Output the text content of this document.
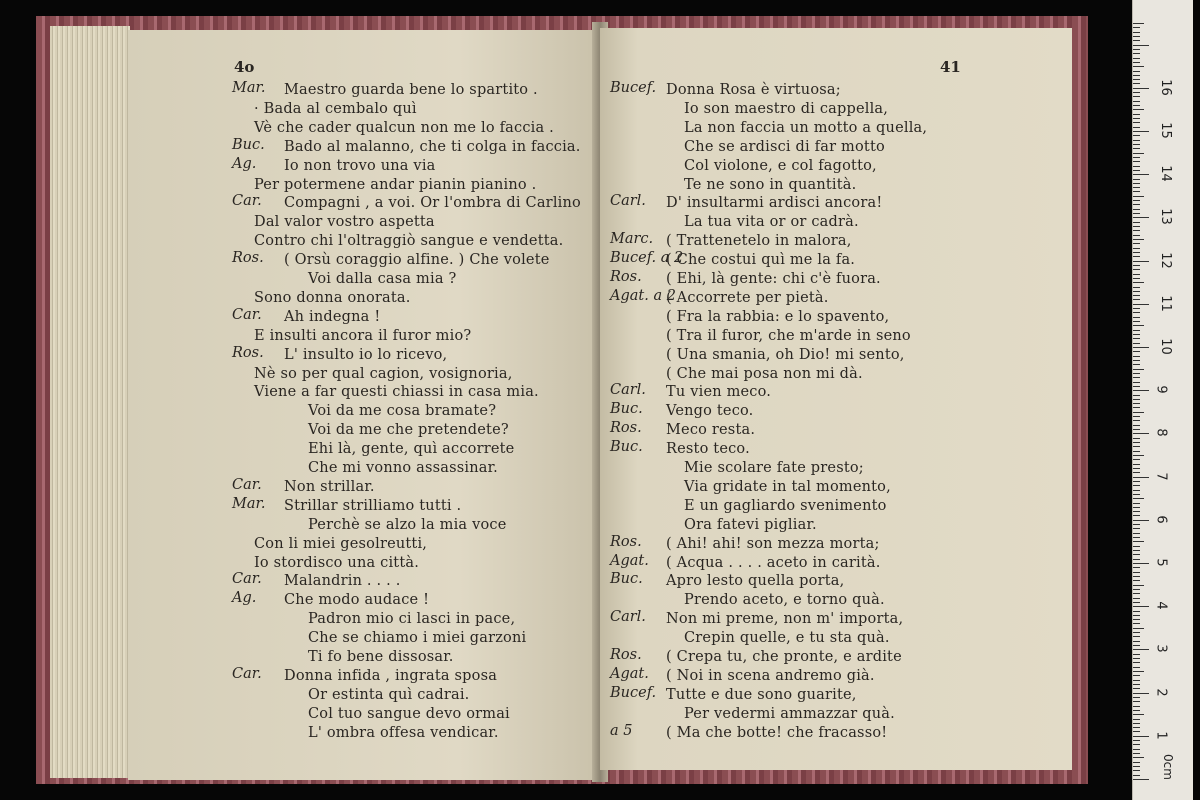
4o
Mar. Maestro guarda bene lo spartito .
· Bada al cembalo quì
Vè che cader qualcun non me lo faccia .
Buc. Bado al malanno, che ti colga in faccia.
Ag. Io non trovo una via
Per potermene andar pianin pianino .
Car. Compagni , a voi. Or l'ombra di Carlino
Dal valor vostro aspetta
Contro chi l'oltraggiò sangue e vendetta.
Ros. ( Orsù coraggio alfine. ) Che volete
Voi dalla casa mia ?
Sono donna onorata.
Car. Ah indegna !
E insulti ancora il furor mio?
Ros. L' insulto io lo ricevo,
Nè so per qual cagion, vosignoria,
Viene a far questi chiassi in casa mia.
Voi da me cosa bramate?
Voi da me che pretendete?
Ehi là, gente, quì accorrete
Che mi vonno assassinar.
Car. Non strillar.
Mar. Strillar strilliamo tutti .
Perchè se alzo la mia voce
Con li miei gesolreutti,
Io stordisco una città.
Car. Malandrin . . . .
Ag. Che modo audace !
Padron mio ci lasci in pace,
Che se chiamo i miei garzoni
Ti fo bene dissosar.
Car. Donna infida , ingrata sposa
Or estinta quì cadrai.
Col tuo sangue devo ormai
L' ombra offesa vendicar.
41
Bucef. Donna Rosa è virtuosa;
Io son maestro di cappella,
La non faccia un motto a quella,
Che se ardisci di far motto
Col violone, e col fagotto,
Te ne sono in quantità.
Carl. D' insultarmi ardisci ancora!
La tua vita or or cadrà.
Marc. ( Trattenetelo in malora,
Bucef. a 2
( Che costui quì me la fa.
Ros. ( Ehi, là gente: chi c'è fuora.
Agat. a 2
( Accorrete per pietà.
( Fra la rabbia: e lo spavento,
( Tra il furor, che m'arde in seno
( Una smania, oh Dio! mi sento,
( Che mai posa non mi dà.
Carl. Tu vien meco.
Buc. Vengo teco.
Ros. Meco resta.
Buc. Resto teco.
Mie scolare fate presto;
Via gridate in tal momento,
E un gagliardo svenimento
Ora fatevi pigliar.
Ros. ( Ahi! ahi! son mezza morta;
Agat. ( Acqua . . . . aceto in carità.
Buc. Apro lesto quella porta,
Prendo aceto, e torno quà.
Carl. Non mi preme, non m' importa,
Crepin quelle, e tu sta quà.
Ros. ( Crepa tu, che pronte, e ardite
Agat. ( Noi in scena andremo già.
Bucef. Tutte e due sono guarite,
Per vedermi ammazzar quà.
a 5 ( Ma che botte! che fracasso!
0cm
1
2
3
4
5
6
7
8
9
10
11
12
13
14
15
16
